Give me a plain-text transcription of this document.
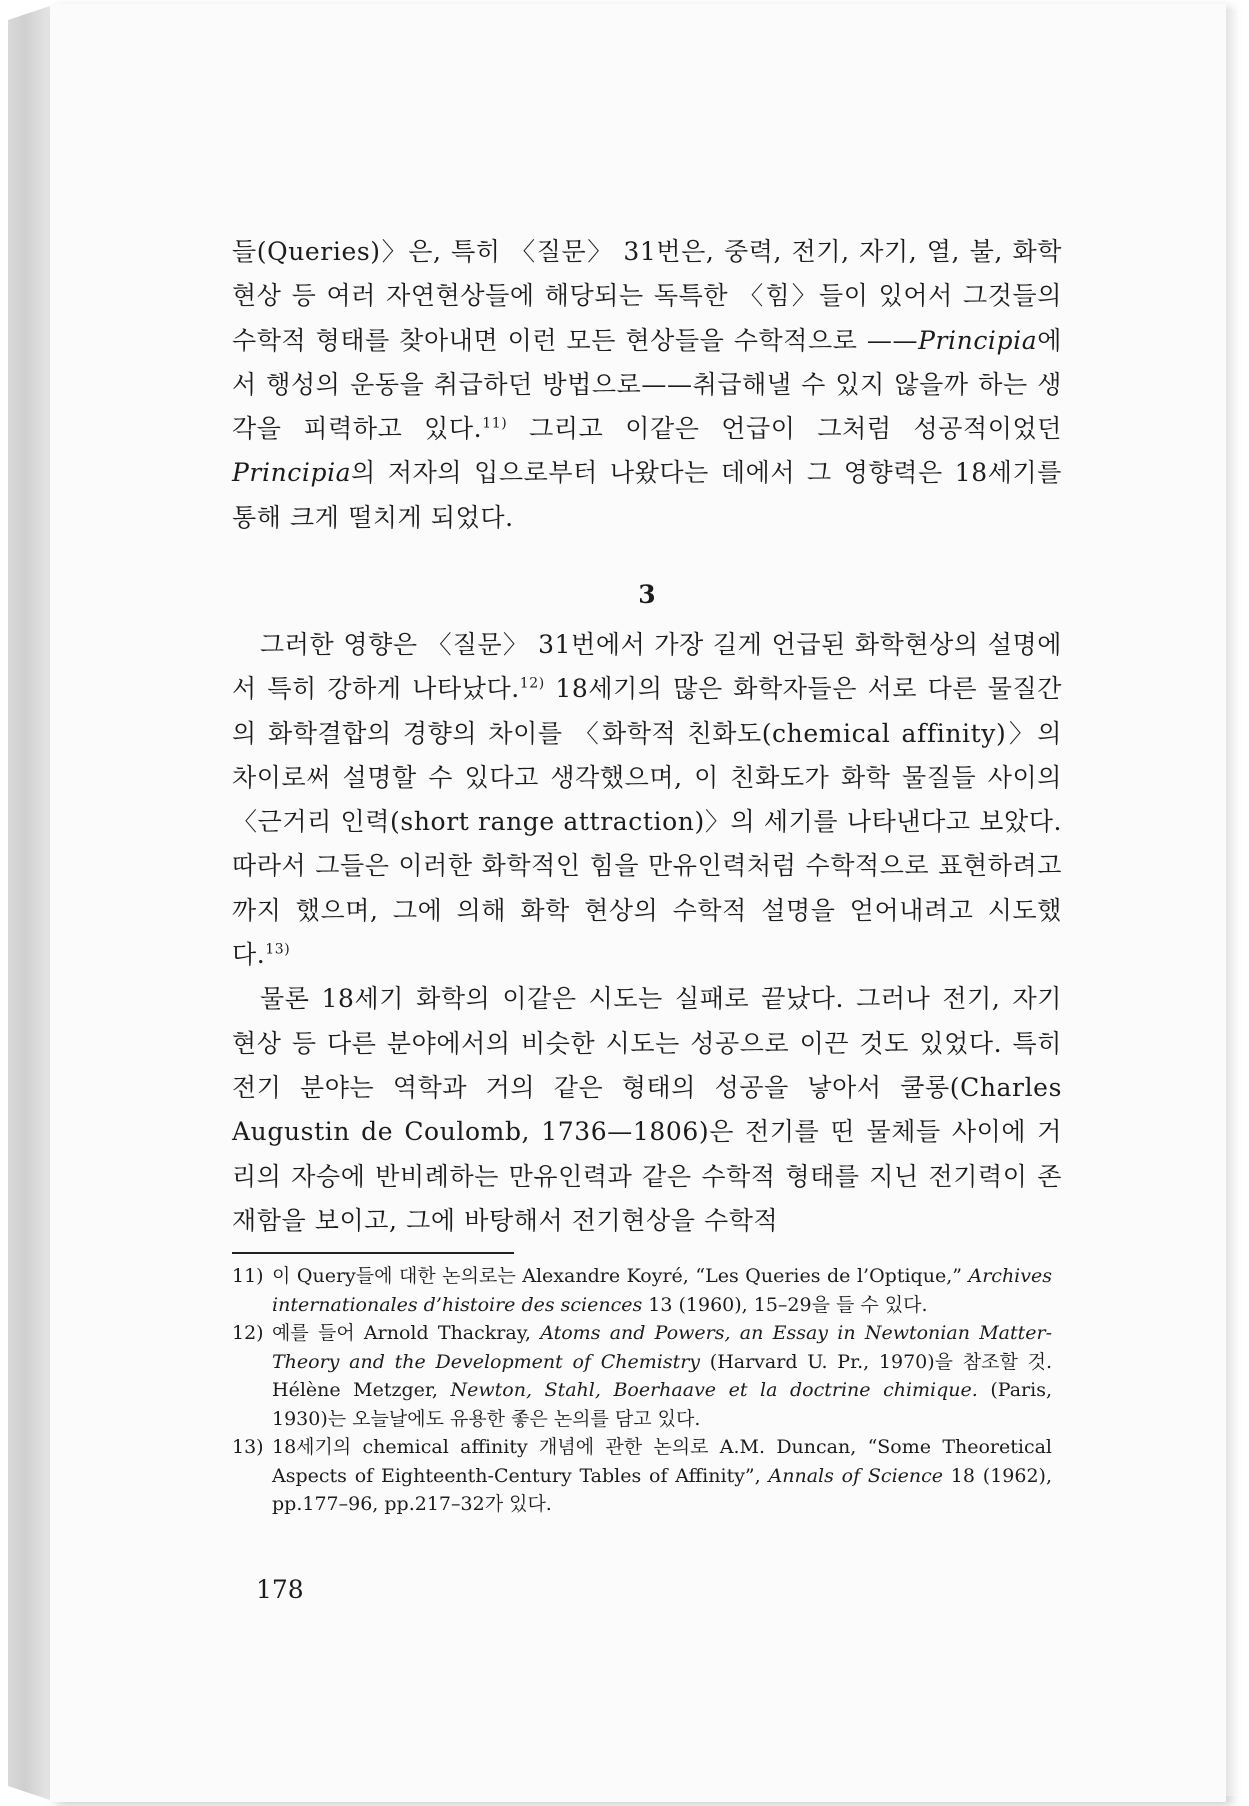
들(Queries)〉은, 특히 〈질문〉 31번은, 중력, 전기, 자기, 열, 불, 화학현상 등 여러 자연현상들에 해당되는 독특한 〈힘〉들이 있어서 그것들의 수학적 형태를 찾아내면 이런 모든 현상들을 수학적으로 ——Principia에서 행성의 운동을 취급하던 방법으로——취급해낼 수 있지 않을까 하는 생각을 피력하고 있다.$^{11)}$ 그리고 이같은 언급이 그처럼 성공적이었던 Principia의 저자의 입으로부터 나왔다는 데에서 그 영향력은 18세기를 통해 크게 떨치게 되었다.

3

그러한 영향은 〈질문〉 31번에서 가장 길게 언급된 화학현상의 설명에서 특히 강하게 나타났다.$^{12)}$ 18세기의 많은 화학자들은 서로 다른 물질간의 화학결합의 경향의 차이를 〈화학적 친화도(chemical affinity)〉의 차이로써 설명할 수 있다고 생각했으며, 이 친화도가 화학 물질들 사이의 〈근거리 인력(short range attraction)〉의 세기를 나타낸다고 보았다. 따라서 그들은 이러한 화학적인 힘을 만유인력처럼 수학적으로 표현하려고까지 했으며, 그에 의해 화학 현상의 수학적 설명을 얻어내려고 시도했다.$^{13)}$

물론 18세기 화학의 이같은 시도는 실패로 끝났다. 그러나 전기, 자기 현상 등 다른 분야에서의 비슷한 시도는 성공으로 이끈 것도 있었다. 특히 전기 분야는 역학과 거의 같은 형태의 성공을 낳아서 쿨롱(Charles Augustin de Coulomb, 1736—1806)은 전기를 띤 물체들 사이에 거리의 자승에 반비례하는 만유인력과 같은 수학적 형태를 지닌 전기력이 존재함을 보이고, 그에 바탕해서 전기현상을 수학적

11) 이 Query들에 대한 논의로는 Alexandre Koyré, “Les Queries de l’Optique,” Archives internationales d’histoire des sciences 13 (1960), 15–29을 들 수 있다.
12) 예를 들어 Arnold Thackray, Atoms and Powers, an Essay in Newtonian Matter-Theory and the Development of Chemistry (Harvard U. Pr., 1970)을 참조할 것. Hélène Metzger, Newton, Stahl, Boerhaave et la doctrine chimique. (Paris, 1930)는 오늘날에도 유용한 좋은 논의를 담고 있다.
13) 18세기의 chemical affinity 개념에 관한 논의로 A.M. Duncan, “Some Theoretical Aspects of Eighteenth-Century Tables of Affinity”, Annals of Science 18 (1962), pp.177–96, pp.217–32가 있다.
178
